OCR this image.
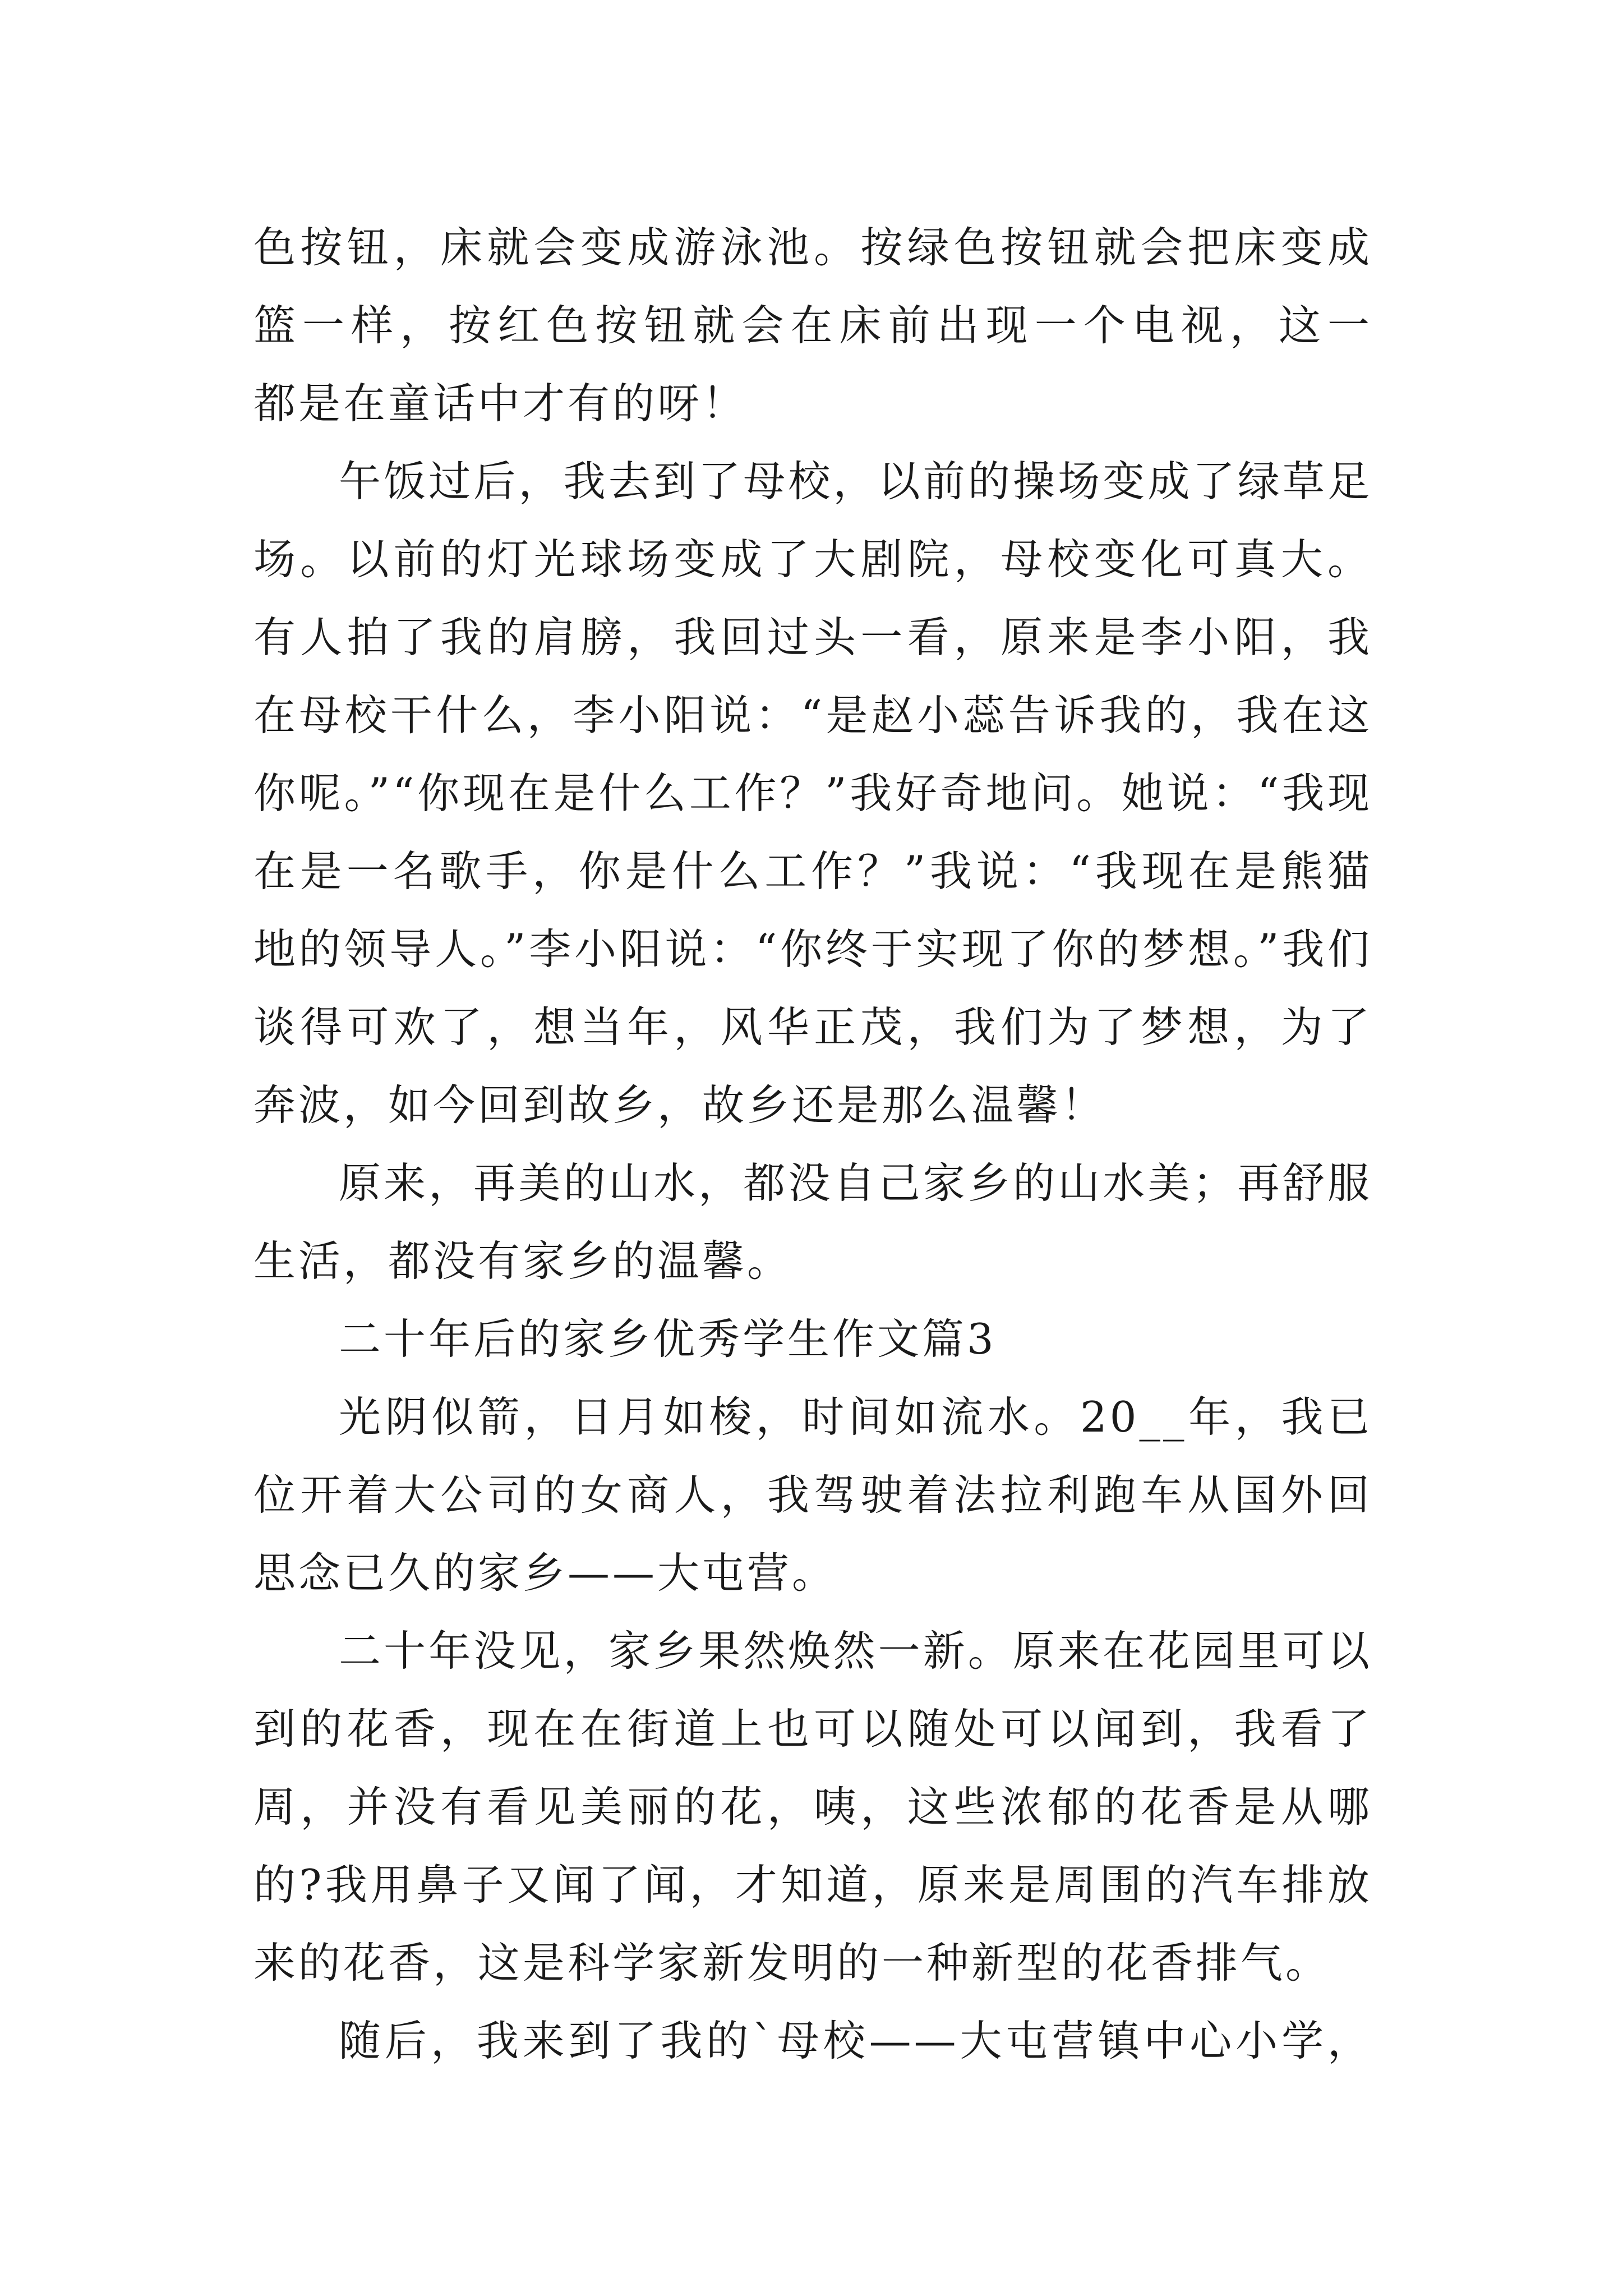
色按钮，床就会变成游泳池。按绿色按钮就会把床变成
篮一样，按红色按钮就会在床前出现一个电视，这一
都是在童话中才有的呀！
午饭过后，我去到了母校，以前的操场变成了绿草足
场。以前的灯光球场变成了大剧院，母校变化可真大。
有人拍了我的肩膀，我回过头一看，原来是李小阳，我
在母校干什么，李小阳说：“是赵小蕊告诉我的，我在这
你呢。”“你现在是什么工作？”我好奇地问。她说：“我现
在是一名歌手，你是什么工作？”我说：“我现在是熊猫
地的领导人。”李小阳说：“你终于实现了你的梦想。”我们
谈得可欢了，想当年，风华正茂，我们为了梦想，为了
奔波，如今回到故乡，故乡还是那么温馨！
原来，再美的山水，都没自己家乡的山水美；再舒服
生活，都没有家乡的温馨。
二十年后的家乡优秀学生作文篇3
光阴似箭，日月如梭，时间如流水。20__年，我已
位开着大公司的女商人，我驾驶着法拉利跑车从国外回
思念已久的家乡——大屯营。
二十年没见，家乡果然焕然一新。原来在花园里可以
到的花香，现在在街道上也可以随处可以闻到，我看了
周，并没有看见美丽的花，咦，这些浓郁的花香是从哪
的?我用鼻子又闻了闻，才知道，原来是周围的汽车排放
来的花香，这是科学家新发明的一种新型的花香排气。
随后，我来到了我的`母校——大屯营镇中心小学，
